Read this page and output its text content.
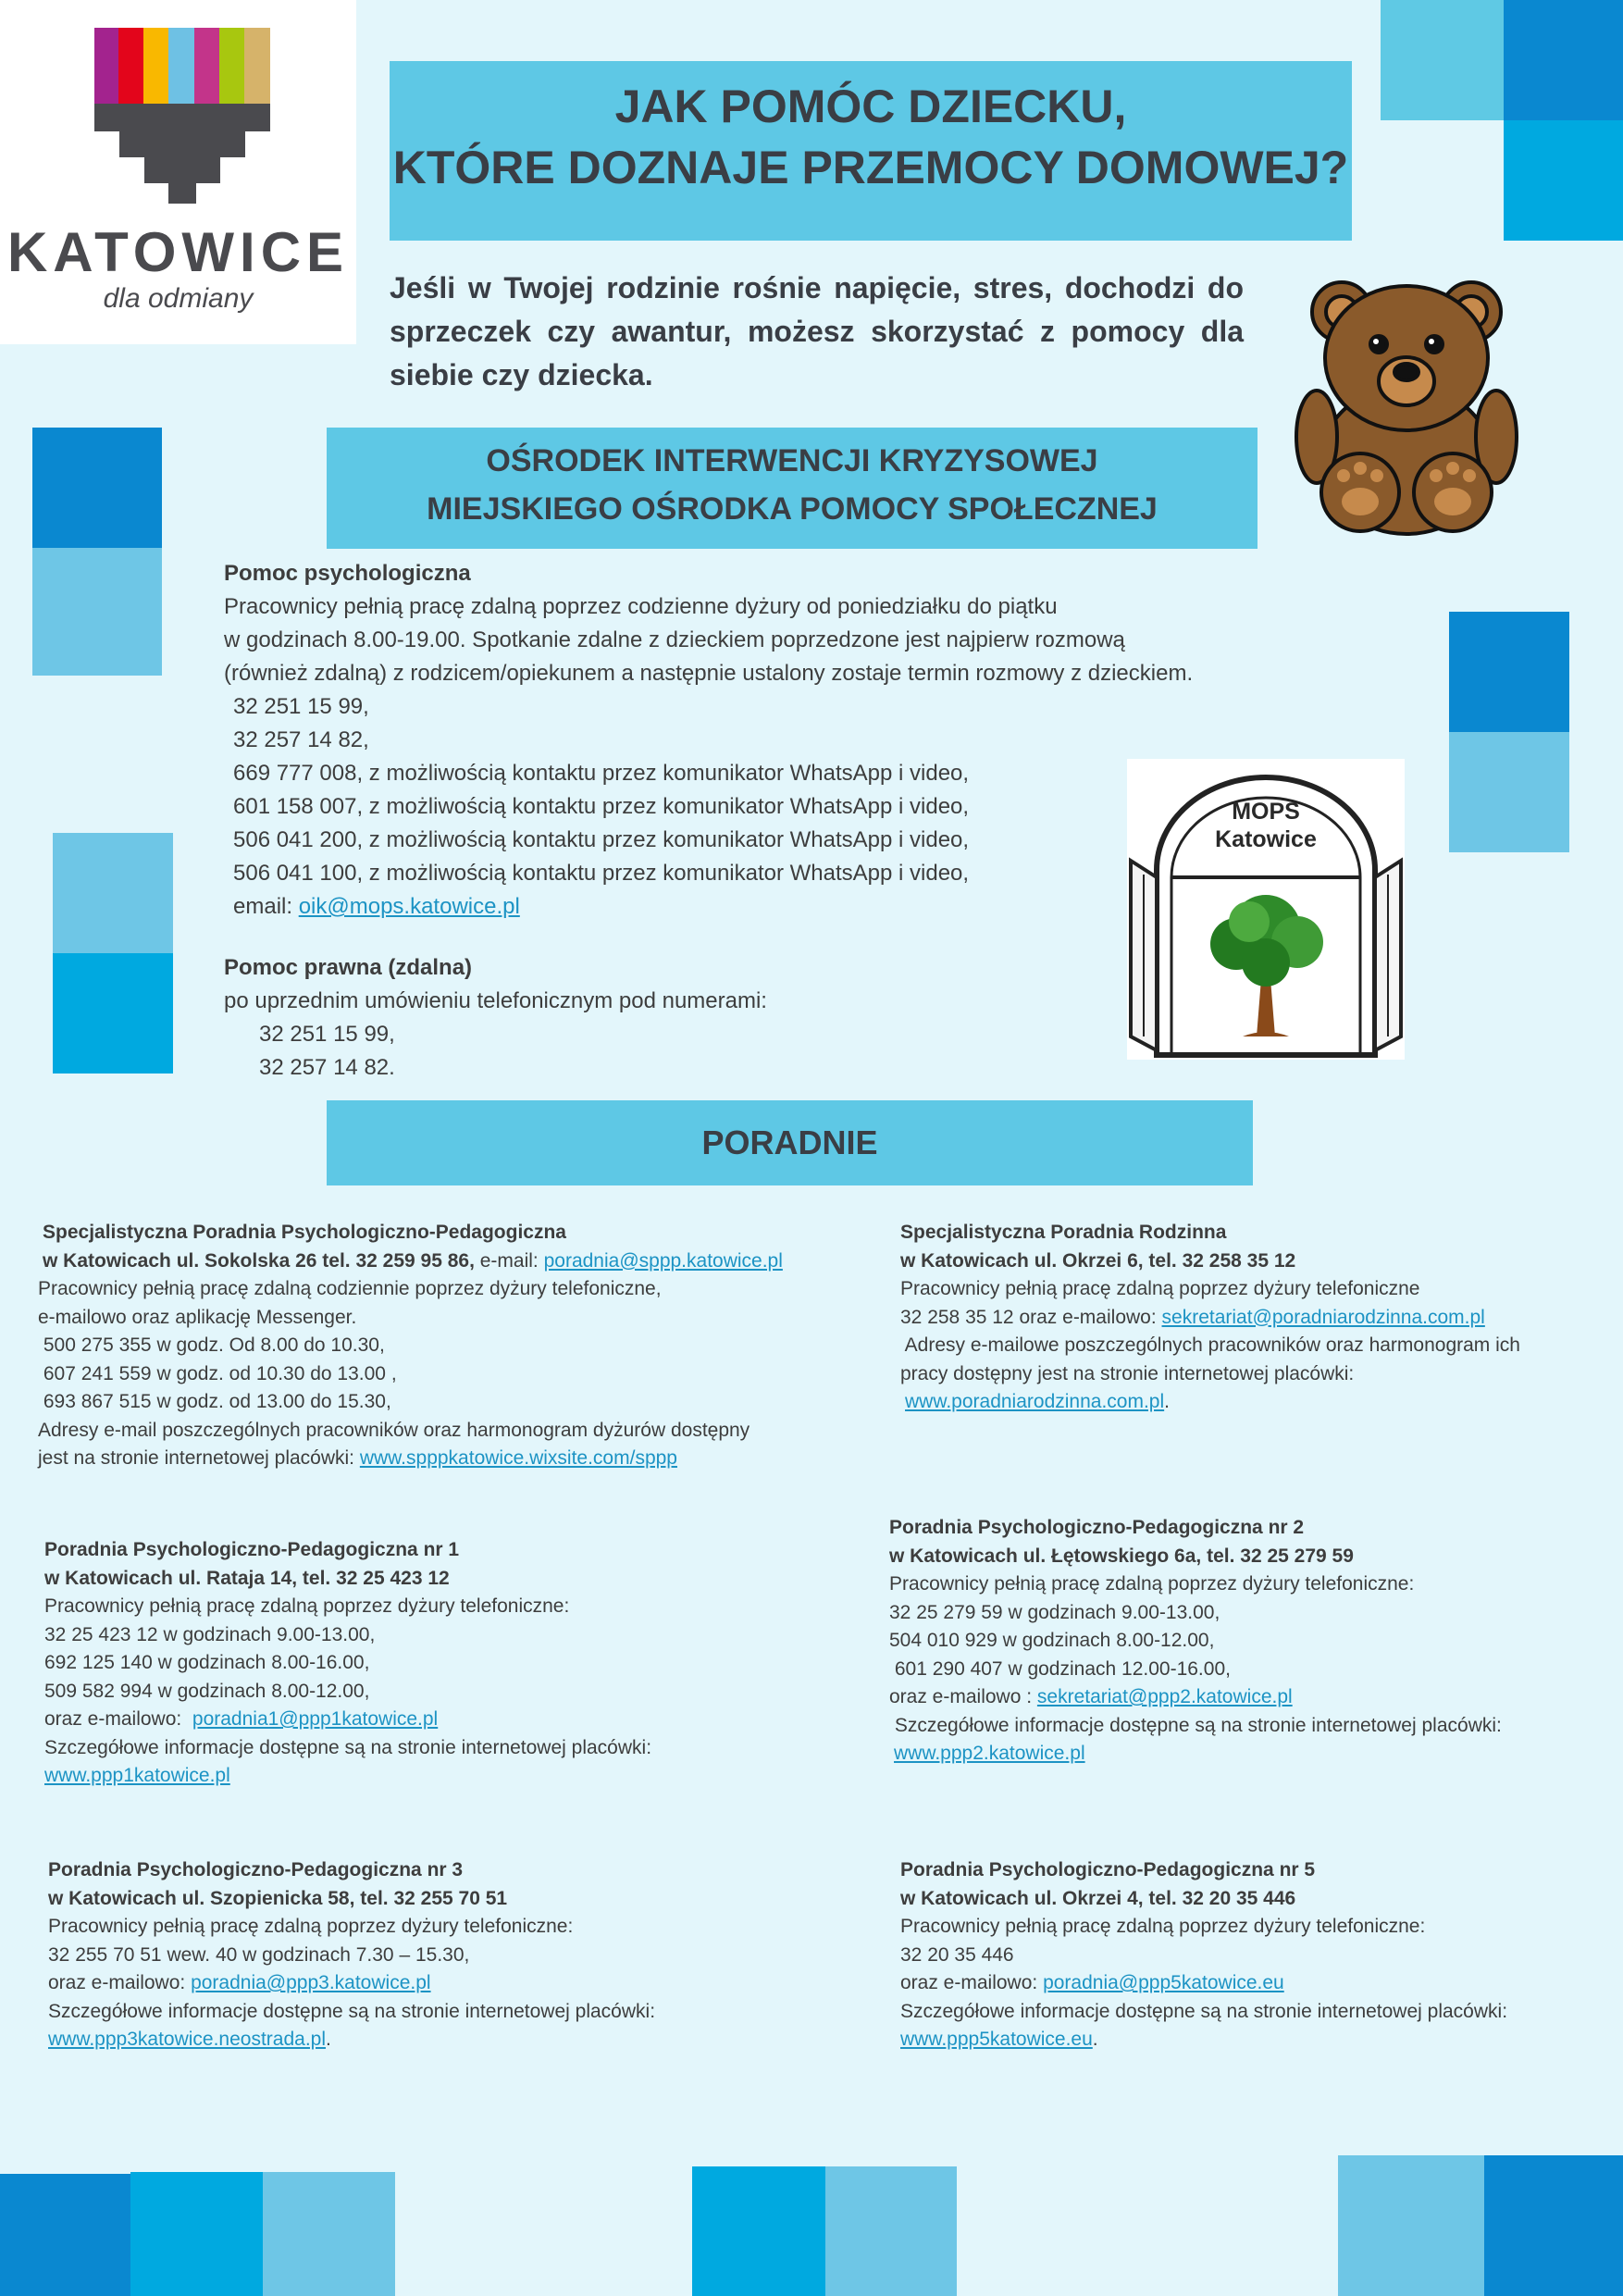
KATOWICE
dla odmiany
JAK POMÓC DZIECKU,
KTÓRE DOZNAJE PRZEMOCY DOMOWEJ?
Jeśli w Twojej rodzinie rośnie napięcie, stres, dochodzi do sprzeczek czy awantur, możesz skorzystać z pomocy dla siebie czy dziecka.
OŚRODEK INTERWENCJI KRYZYSOWEJ
MIEJSKIEGO OŚRODKA POMOCY SPOŁECZNEJ
Pomoc psychologiczna
Pracownicy pełnią pracę zdalną poprzez codzienne dyżury od poniedziałku do piątku
w godzinach 8.00-19.00. Spotkanie zdalne z dzieckiem poprzedzone jest najpierw rozmową
(również zdalną) z rodzicem/opiekunem a następnie ustalony zostaje termin rozmowy z dzieckiem.
32 251 15 99,
32 257 14 82,
669 777 008, z możliwością kontaktu przez komunikator WhatsApp i video,
601 158 007, z możliwością kontaktu przez komunikator WhatsApp i video,
506 041 200, z możliwością kontaktu przez komunikator WhatsApp i video,
506 041 100, z możliwością kontaktu przez komunikator WhatsApp i video,
email: oik@mops.katowice.pl
Pomoc prawna (zdalna)
po uprzednim umówieniu telefonicznym pod numerami:
32 251 15 99,
32 257 14 82.
MOPS
Katowice
PORADNIE
Specjalistyczna Poradnia Psychologiczno-Pedagogiczna
w Katowicach ul. Sokolska 26 tel. 32 259 95 86, e-mail: poradnia@sppp.katowice.pl
Pracownicy pełnią pracę zdalną codziennie poprzez dyżury telefoniczne,
e-mailowo oraz aplikację Messenger.
500 275 355 w godz. Od 8.00 do 10.30,
607 241 559 w godz. od 10.30 do 13.00 ,
693 867 515 w godz. od 13.00 do 15.30,
Adresy e-mail poszczególnych pracowników oraz harmonogram dyżurów dostępny
jest na stronie internetowej placówki: www.spppkatowice.wixsite.com/sppp
Specjalistyczna Poradnia Rodzinna
w Katowicach ul. Okrzei 6, tel. 32 258 35 12
Pracownicy pełnią pracę zdalną poprzez dyżury telefoniczne
32 258 35 12 oraz e-mailowo: sekretariat@poradniarodzinna.com.pl
Adresy e-mailowe poszczególnych pracowników oraz harmonogram ich
pracy dostępny jest na stronie internetowej placówki:
www.poradniarodzinna.com.pl.
Poradnia Psychologiczno-Pedagogiczna nr 1
w Katowicach ul. Rataja 14, tel. 32 25 423 12
Pracownicy pełnią pracę zdalną poprzez dyżury telefoniczne:
32 25 423 12 w godzinach 9.00-13.00,
692 125 140 w godzinach 8.00-16.00,
509 582 994 w godzinach 8.00-12.00,
oraz e-mailowo:  poradnia1@ppp1katowice.pl
Szczegółowe informacje dostępne są na stronie internetowej placówki:
www.ppp1katowice.pl
Poradnia Psychologiczno-Pedagogiczna nr 2
w Katowicach ul. Łętowskiego 6a, tel. 32 25 279 59
Pracownicy pełnią pracę zdalną poprzez dyżury telefoniczne:
32 25 279 59 w godzinach 9.00-13.00,
504 010 929 w godzinach 8.00-12.00,
601 290 407 w godzinach 12.00-16.00,
oraz e-mailowo : sekretariat@ppp2.katowice.pl
Szczegółowe informacje dostępne są na stronie internetowej placówki:
www.ppp2.katowice.pl
Poradnia Psychologiczno-Pedagogiczna nr 3
w Katowicach ul. Szopienicka 58, tel. 32 255 70 51
Pracownicy pełnią pracę zdalną poprzez dyżury telefoniczne:
32 255 70 51 wew. 40 w godzinach 7.30 – 15.30,
oraz e-mailowo: poradnia@ppp3.katowice.pl
Szczegółowe informacje dostępne są na stronie internetowej placówki:
www.ppp3katowice.neostrada.pl.
Poradnia Psychologiczno-Pedagogiczna nr 5
w Katowicach ul. Okrzei 4, tel. 32 20 35 446
Pracownicy pełnią pracę zdalną poprzez dyżury telefoniczne:
32 20 35 446
oraz e-mailowo: poradnia@ppp5katowice.eu
Szczegółowe informacje dostępne są na stronie internetowej placówki:
www.ppp5katowice.eu.
